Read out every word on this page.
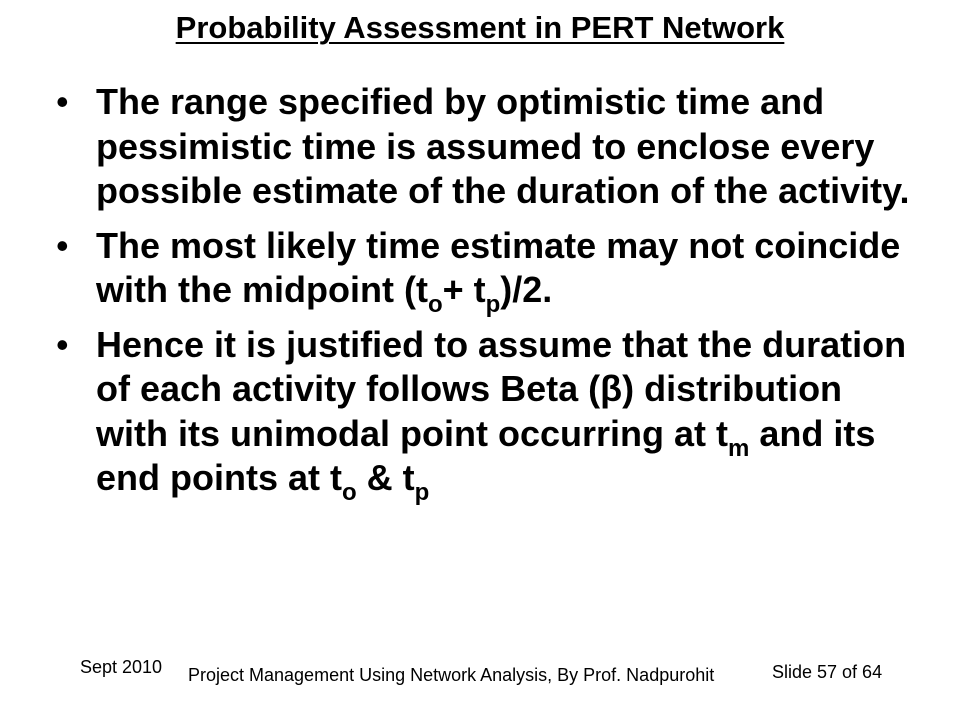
Probability Assessment in PERT Network
• The range specified by optimistic time and pessimistic time is assumed to enclose every possible estimate of the duration of the activity.
• The most likely time estimate may not coincide with the midpoint $(t_o+ t_p)/2$.
• Hence it is justified to assume that the duration of each activity follows Beta (β) distribution with its unimodal point occurring at $t_m$ and its end points at $t_o$ & $t_p$
Sept 2010 Project Management Using Network Analysis, By Prof. Nadpurohit	Slide 57 of 64
